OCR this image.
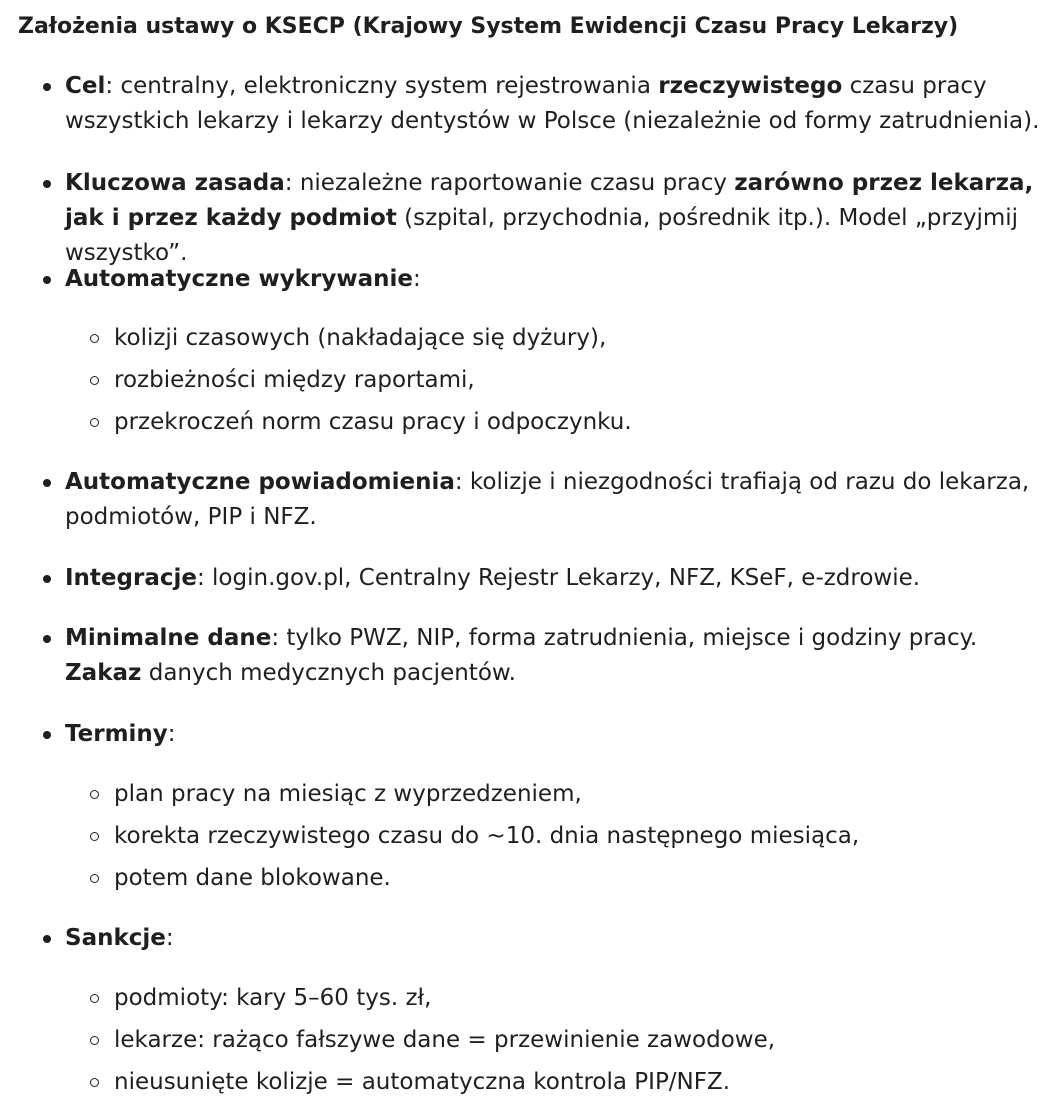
Założenia ustawy o KSECP (Krajowy System Ewidencji Czasu Pracy Lekarzy)
Cel: centralny, elektroniczny system rejestrowania rzeczywistego czasu pracy wszystkich lekarzy i lekarzy dentystów w Polsce (niezależnie od formy zatrudnienia).
Kluczowa zasada: niezależne raportowanie czasu pracy zarówno przez lekarza, jak i przez każdy podmiot (szpital, przychodnia, pośrednik itp.). Model „przyjmij wszystko”.
Automatyczne wykrywanie:
kolizji czasowych (nakładające się dyżury),
rozbieżności między raportami,
przekroczeń norm czasu pracy i odpoczynku.
Automatyczne powiadomienia: kolizje i niezgodności trafiają od razu do lekarza, podmiotów, PIP i NFZ.
Integracje: login.gov.pl, Centralny Rejestr Lekarzy, NFZ, KSeF, e-zdrowie.
Minimalne dane: tylko PWZ, NIP, forma zatrudnienia, miejsce i godziny pracy. Zakaz danych medycznych pacjentów.
Terminy:
plan pracy na miesiąc z wyprzedzeniem,
korekta rzeczywistego czasu do ~10. dnia następnego miesiąca,
potem dane blokowane.
Sankcje:
podmioty: kary 5–60 tys. zł,
lekarze: rażąco fałszywe dane = przewinienie zawodowe,
nieusunięte kolizje = automatyczna kontrola PIP/NFZ.
